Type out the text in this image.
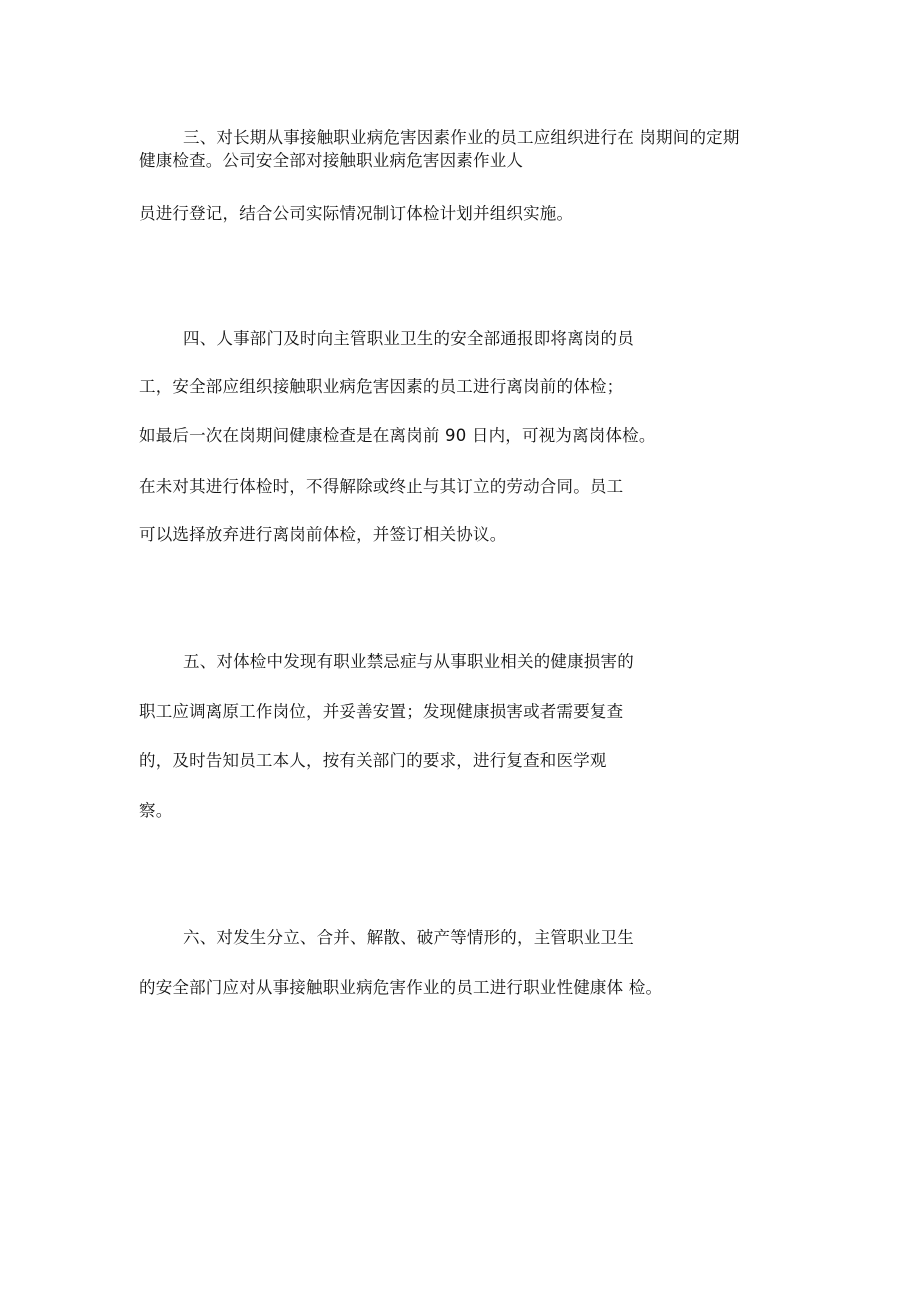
三、对长期从事接触职业病危害因素作业的员工应组织进行在 岗期间的定期
健康检查。公司安全部对接触职业病危害因素作业人
员进行登记，结合公司实际情况制订体检计划并组织实施。
四、人事部门及时向主管职业卫生的安全部通报即将离岗的员
工，安全部应组织接触职业病危害因素的员工进行离岗前的体检；
如最后一次在岗期间健康检查是在离岗前 90 日内，可视为离岗体检。
在未对其进行体检时，不得解除或终止与其订立的劳动合同。员工
可以选择放弃进行离岗前体检，并签订相关协议。
五、对体检中发现有职业禁忌症与从事职业相关的健康损害的
职工应调离原工作岗位，并妥善安置；发现健康损害或者需要复查
的，及时告知员工本人，按有关部门的要求，进行复查和医学观
察。
六、对发生分立、合并、解散、破产等情形的，主管职业卫生
的安全部门应对从事接触职业病危害作业的员工进行职业性健康体 检。
